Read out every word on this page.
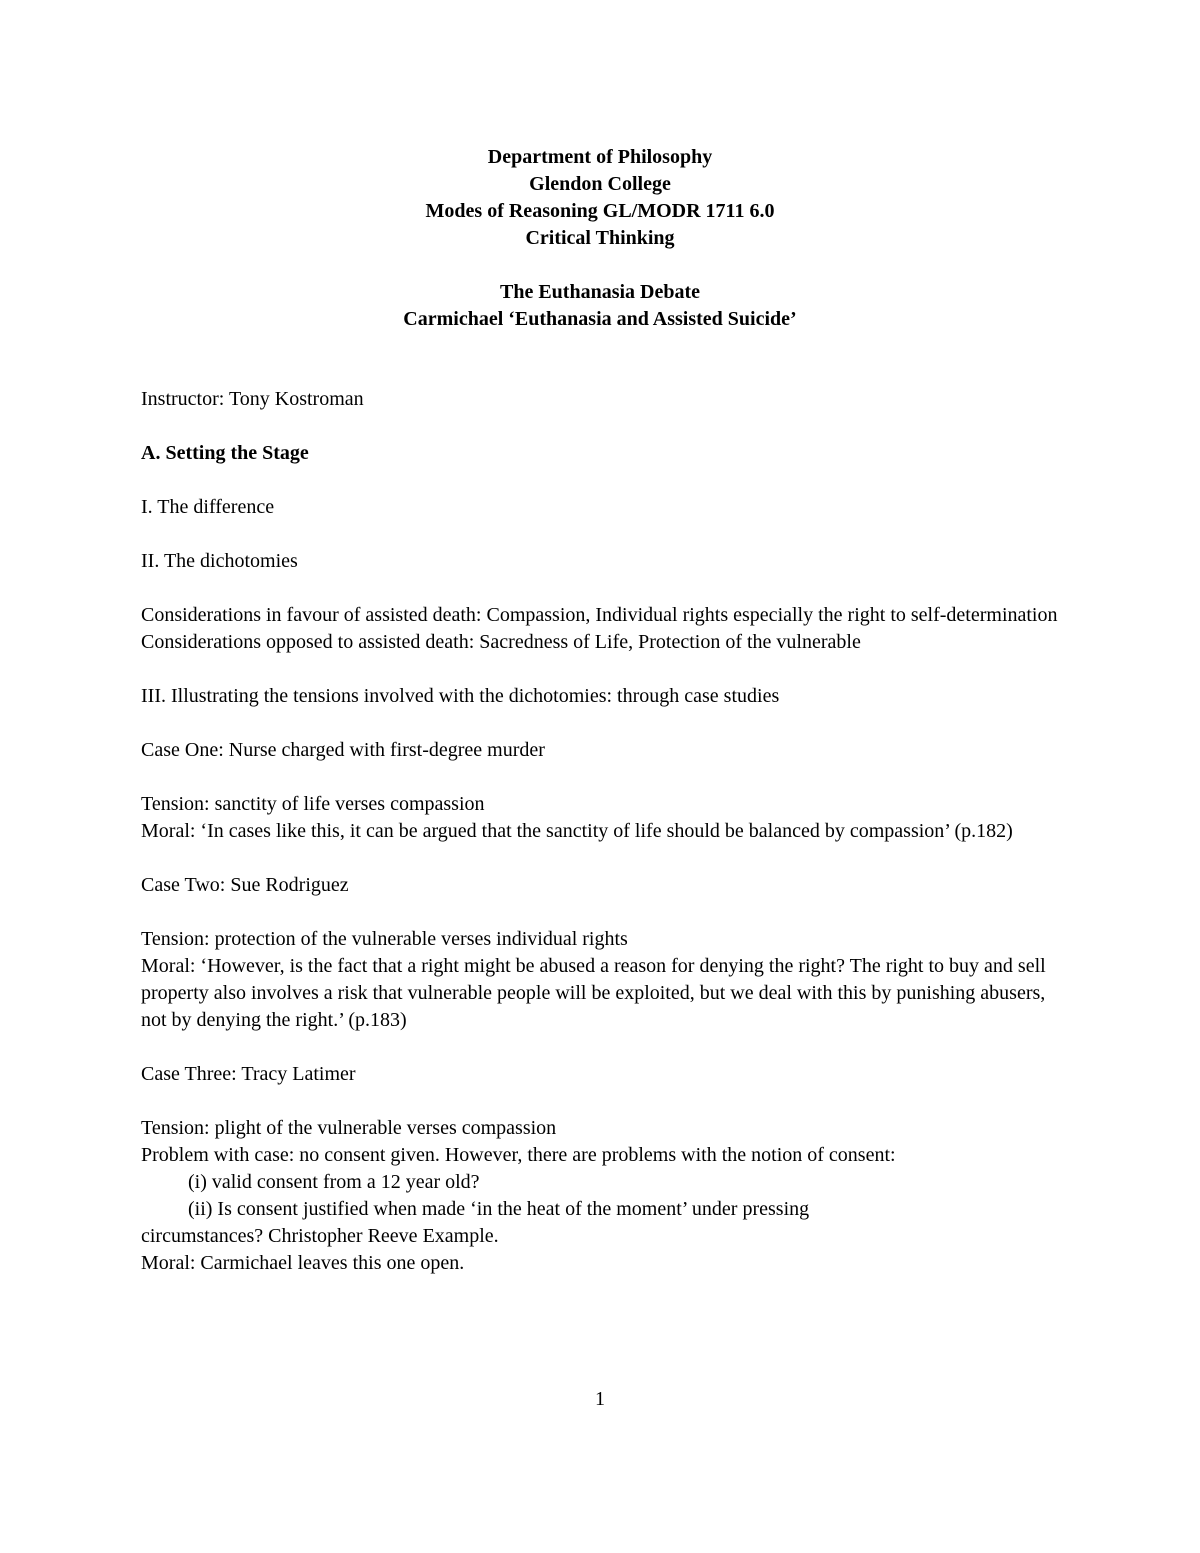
Department of Philosophy
Glendon College
Modes of Reasoning GL/MODR 1711 6.0
Critical Thinking
The Euthanasia Debate
Carmichael ‘Euthanasia and Assisted Suicide’
Instructor: Tony Kostroman
A. Setting the Stage
I. The difference
II. The dichotomies
Considerations in favour of assisted death: Compassion, Individual rights especially the right to self-determination
Considerations opposed to assisted death: Sacredness of Life, Protection of the vulnerable
III. Illustrating the tensions involved with the dichotomies: through case studies
Case One: Nurse charged with first-degree murder
Tension: sanctity of life verses compassion
Moral: ‘In cases like this, it can be argued that the sanctity of life should be balanced by compassion’ (p.182)
Case Two: Sue Rodriguez
Tension: protection of the vulnerable verses individual rights
Moral: ‘However, is the fact that a right might be abused a reason for denying the right? The right to buy and sell property also involves a risk that vulnerable people will be exploited, but we deal with this by punishing abusers, not by denying the right.’ (p.183)
Case Three: Tracy Latimer
Tension: plight of the vulnerable verses compassion
Problem with case: no consent given. However, there are problems with the notion of consent:
(i) valid consent from a 12 year old?
(ii) Is consent justified when made ‘in the heat of the moment’ under pressing
circumstances? Christopher Reeve Example.
Moral: Carmichael leaves this one open.
1
